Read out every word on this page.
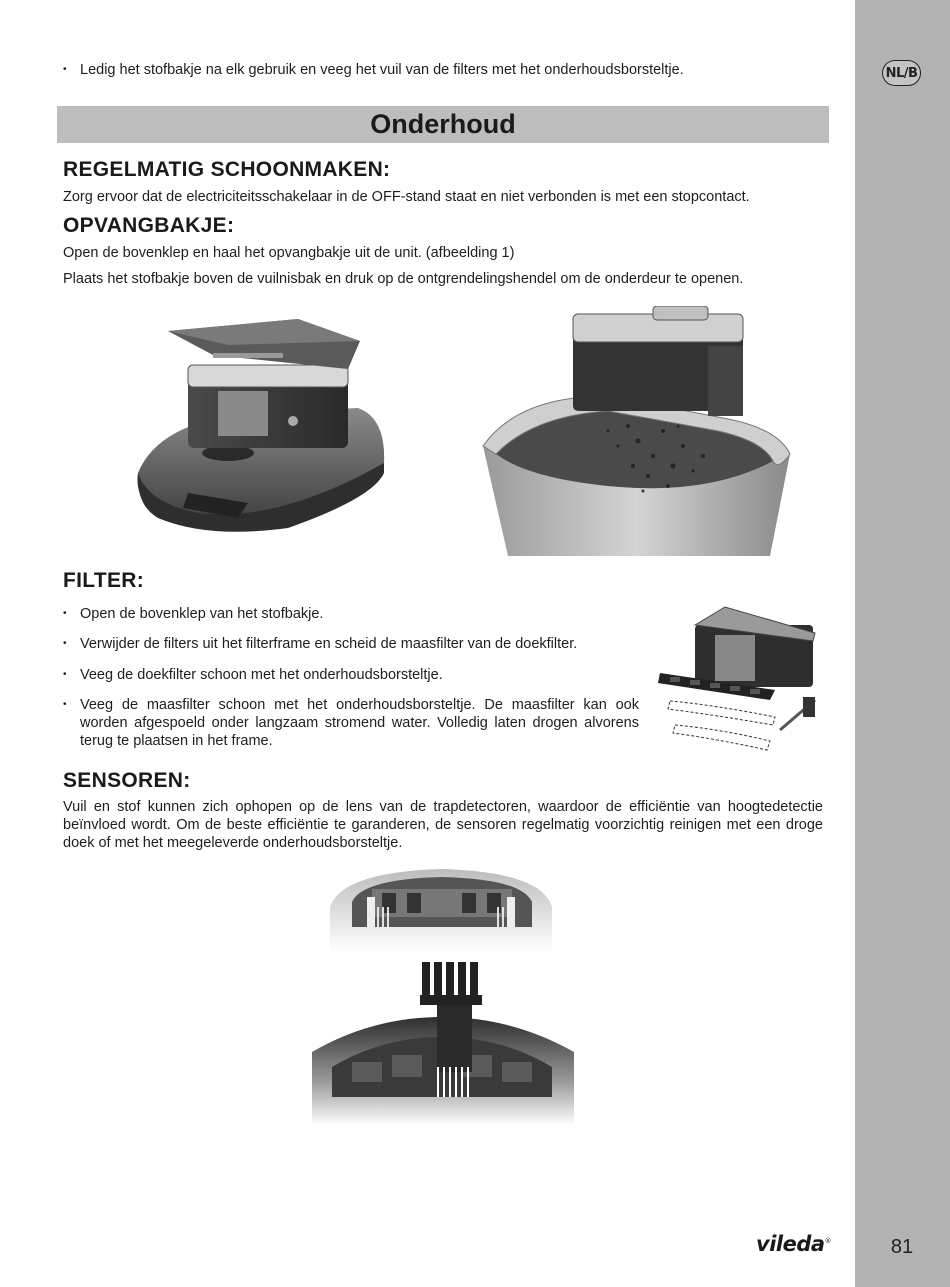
NL/B
• Ledig het stofbakje na elk gebruik en veeg het vuil van de filters met het onderhoudsborsteltje.
Onderhoud
REGELMATIG SCHOONMAKEN:
Zorg ervoor dat de electriciteitsschakelaar in de OFF-stand staat en niet verbonden is met een stopcontact.
OPVANGBAKJE:
Open de bovenklep en haal het opvangbakje uit de unit. (afbeelding 1)
Plaats het stofbakje boven de vuilnisbak en druk op de ontgrendelingshendel om de onderdeur te openen.
FILTER:
• Open de bovenklep van het stofbakje.
• Verwijder de filters uit het filterframe en scheid de maasfilter van de doekfilter.
• Veeg de doekfilter schoon met het onderhoudsborsteltje.
• Veeg de maasfilter schoon met het onderhoudsborsteltje. De maasfilter kan ook worden afgespoeld onder langzaam stromend water. Volledig laten drogen alvorens terug te plaatsen in het frame.
SENSOREN:
Vuil en stof kunnen zich ophopen op de lens van de trapdetectoren, waardoor de efficiëntie van hoogtedetectie beïnvloed wordt. Om de beste efficiëntie te garanderen, de sensoren regelmatig voorzichtig reinigen met een droge doek of met het meegeleverde onderhoudsborsteltje.
vileda®	81
